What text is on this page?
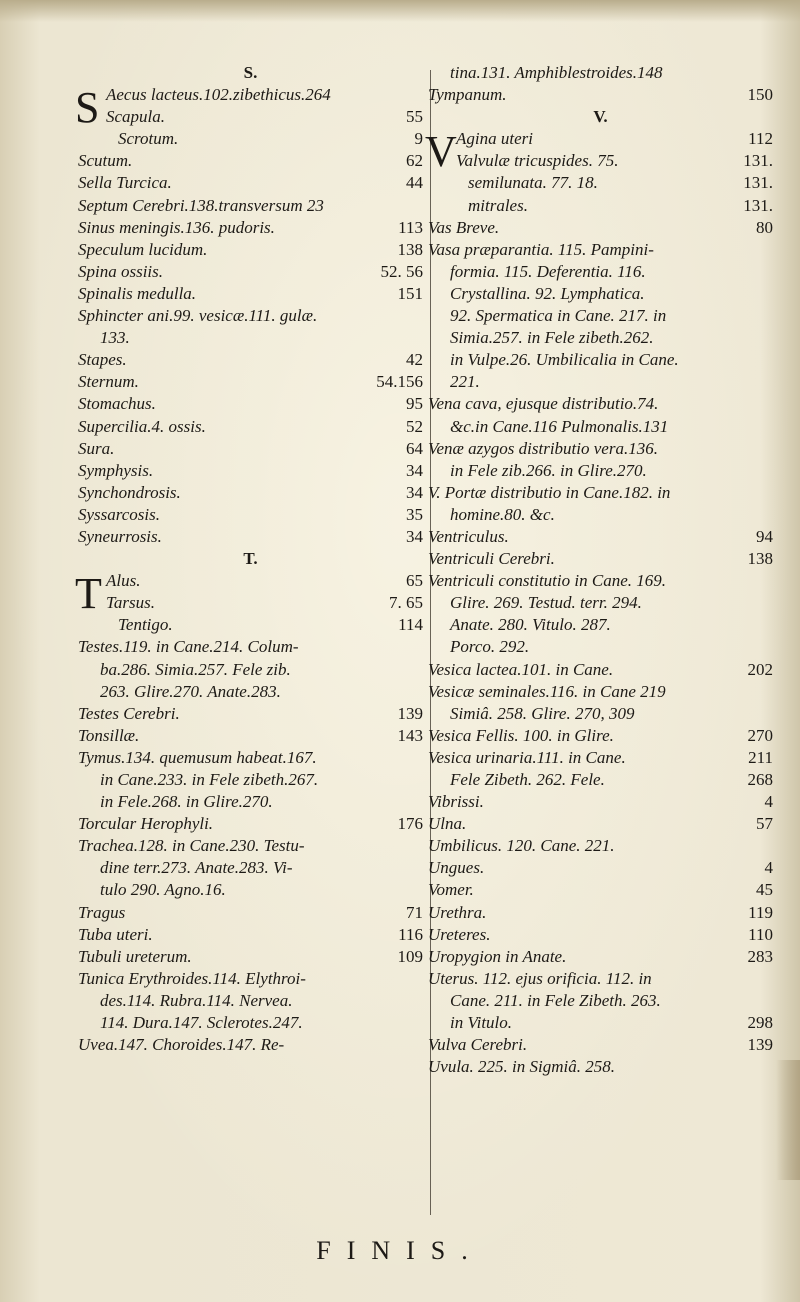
S.
S Aecus lacteus.102.zibethicus.264
Scapula.	55
Scrotum.	9
Scutum.	62
Sella Turcica.	44
Septum Cerebri.138.transversum 23
Sinus meningis.136. pudoris.	113
Speculum lucidum.	138
Spina ossiis.	52. 56
Spinalis medulla.	151
Sphincter ani.99. vesicæ.111. gulæ.
133.
Stapes.	42
Sternum.	54.156
Stomachus.	95
Supercilia.4. ossis.	52
Sura.	64
Symphysis.	34
Synchondrosis.	34
Syssarcosis.	35
Syneurrosis.	34
T.
T Alus.	65
Tarsus.	7. 65
Tentigo.	114
Testes.119. in Cane.214. Colum-
ba.286. Simia.257. Fele zib.
263. Glire.270. Anate.283.
Testes Cerebri.	139
Tonsillæ.	143
Tymus.134. quemusum habeat.167.
in Cane.233. in Fele zibeth.267.
in Fele.268. in Glire.270.
Torcular Herophyli.	176
Trachea.128. in Cane.230. Testu-
dine terr.273. Anate.283. Vi-
tulo 290. Agno.16.
Tragus	71
Tuba uteri.	116
Tubuli ureterum.	109
Tunica Erythroides.114. Elythroi-
des.114. Rubra.114. Nervea.
114. Dura.147. Sclerotes.247.
Uvea.147. Choroides.147. Re-
tina.131. Amphiblestroides.148
Tympanum.	150
V.
V Agina uteri	112
Valvulæ tricuspides. 75.	131.
semilunata. 77. 18.	131.
mitrales.	131.
Vas Breve.	80
Vasa præparantia. 115. Pampini-
formia. 115. Deferentia. 116.
Crystallina. 92. Lymphatica.
92. Spermatica in Cane. 217. in
Simia.257. in Fele zibeth.262.
in Vulpe.26. Umbilicalia in Cane.
221.
Vena cava, ejusque distributio.74.
&c.in Cane.116 Pulmonalis.131
Venæ azygos distributio vera.136.
in Fele zib.266. in Glire.270.
V. Portæ distributio in Cane.182. in
homine.80. &c.
Ventriculus.	94
Ventriculi Cerebri.	138
Ventriculi constitutio in Cane. 169.
Glire. 269. Testud. terr. 294.
Anate. 280. Vitulo. 287.
Porco. 292.
Vesica lactea.101. in Cane.	202
Vesicæ seminales.116. in Cane 219
Simiâ. 258. Glire. 270, 309
Vesica Fellis. 100. in Glire.	270
Vesica urinaria.111. in Cane.	211
Fele Zibeth. 262. Fele.	268
Vibrissi.	4
Ulna.	57
Umbilicus. 120. Cane. 221.
Ungues.	4
Vomer.	45
Urethra.	119
Ureteres.	110
Uropygion in Anate.	283
Uterus. 112. ejus orificia. 112. in
Cane. 211. in Fele Zibeth. 263.
in Vitulo.	298
Vulva Cerebri.	139
Uvula. 225. in Sigmiâ. 258.
FINIS.
